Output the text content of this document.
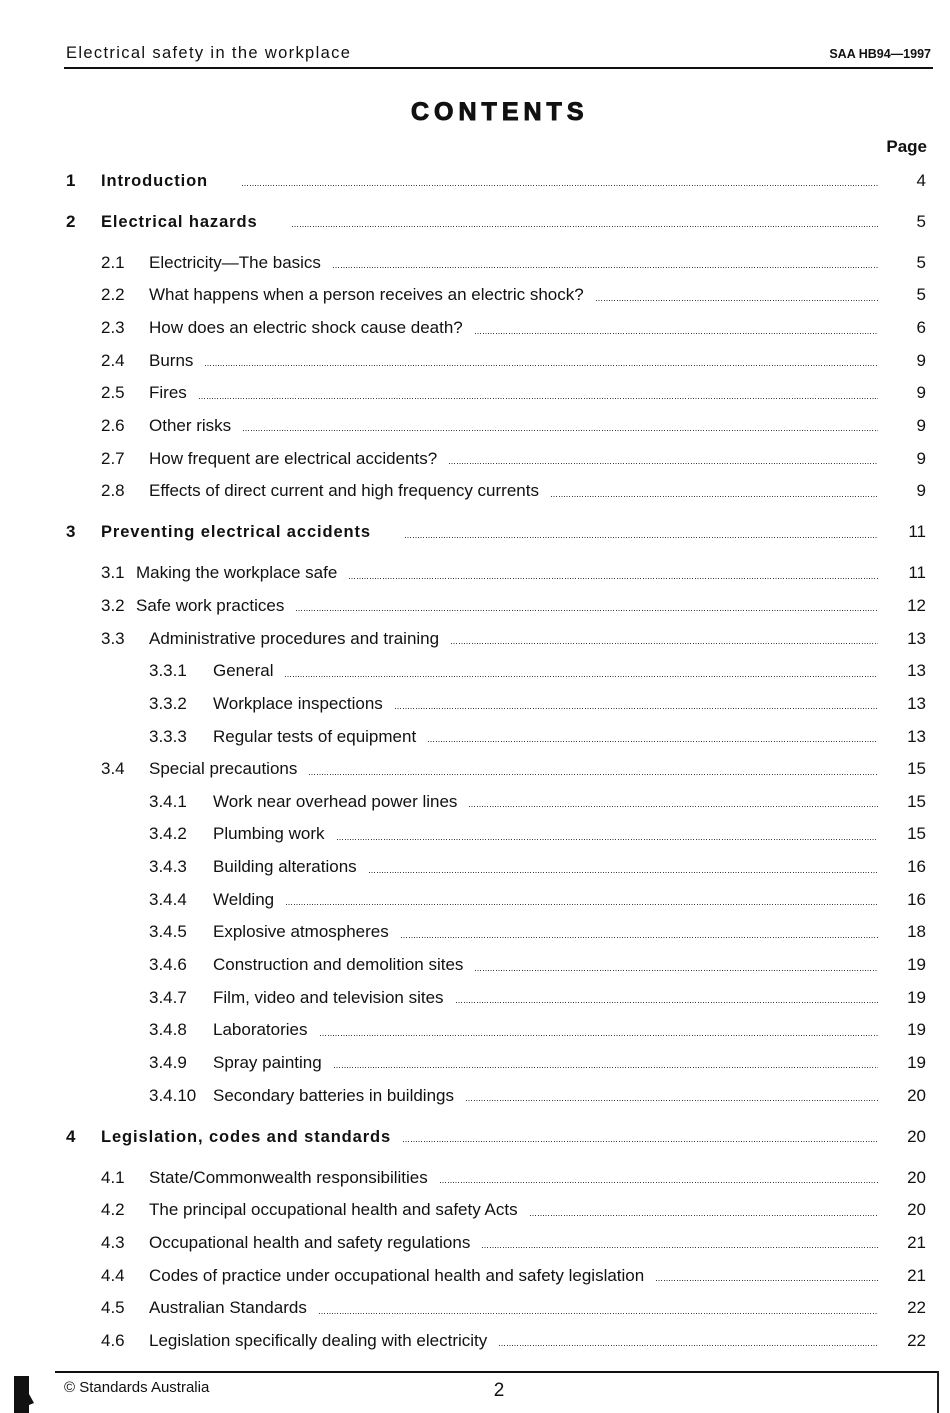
Electrical safety in the workplace	SAA HB94—1997
CONTENTS
Page
1	Introduction	4
2	Electrical hazards	5
2.1	Electricity—The basics	5
2.2	What happens when a person receives an electric shock?	5
2.3	How does an electric shock cause death?	6
2.4	Burns	9
2.5	Fires	9
2.6	Other risks	9
2.7	How frequent are electrical accidents?	9
2.8	Effects of direct current and high frequency currents	9
3	Preventing electrical accidents	11
3.1 Making the workplace safe	11
3.2 Safe work practices	12
3.3	Administrative procedures and training	13
3.3.1	General	13
3.3.2	Workplace inspections	13
3.3.3	Regular tests of equipment	13
3.4	Special precautions	15
3.4.1	Work near overhead power lines	15
3.4.2	Plumbing work	15
3.4.3	Building alterations	16
3.4.4	Welding	16
3.4.5	Explosive atmospheres	18
3.4.6	Construction and demolition sites	19
3.4.7	Film, video and television sites	19
3.4.8	Laboratories	19
3.4.9	Spray painting	19
3.4.10 Secondary batteries in buildings	20
4	Legislation, codes and standards	20
4.1	State/Commonwealth responsibilities	20
4.2	The principal occupational health and safety Acts	20
4.3	Occupational health and safety regulations	21
4.4	Codes of practice under occupational health and safety legislation	21
4.5	Australian Standards	22
4.6	Legislation specifically dealing with electricity	22
© Standards Australia	2
